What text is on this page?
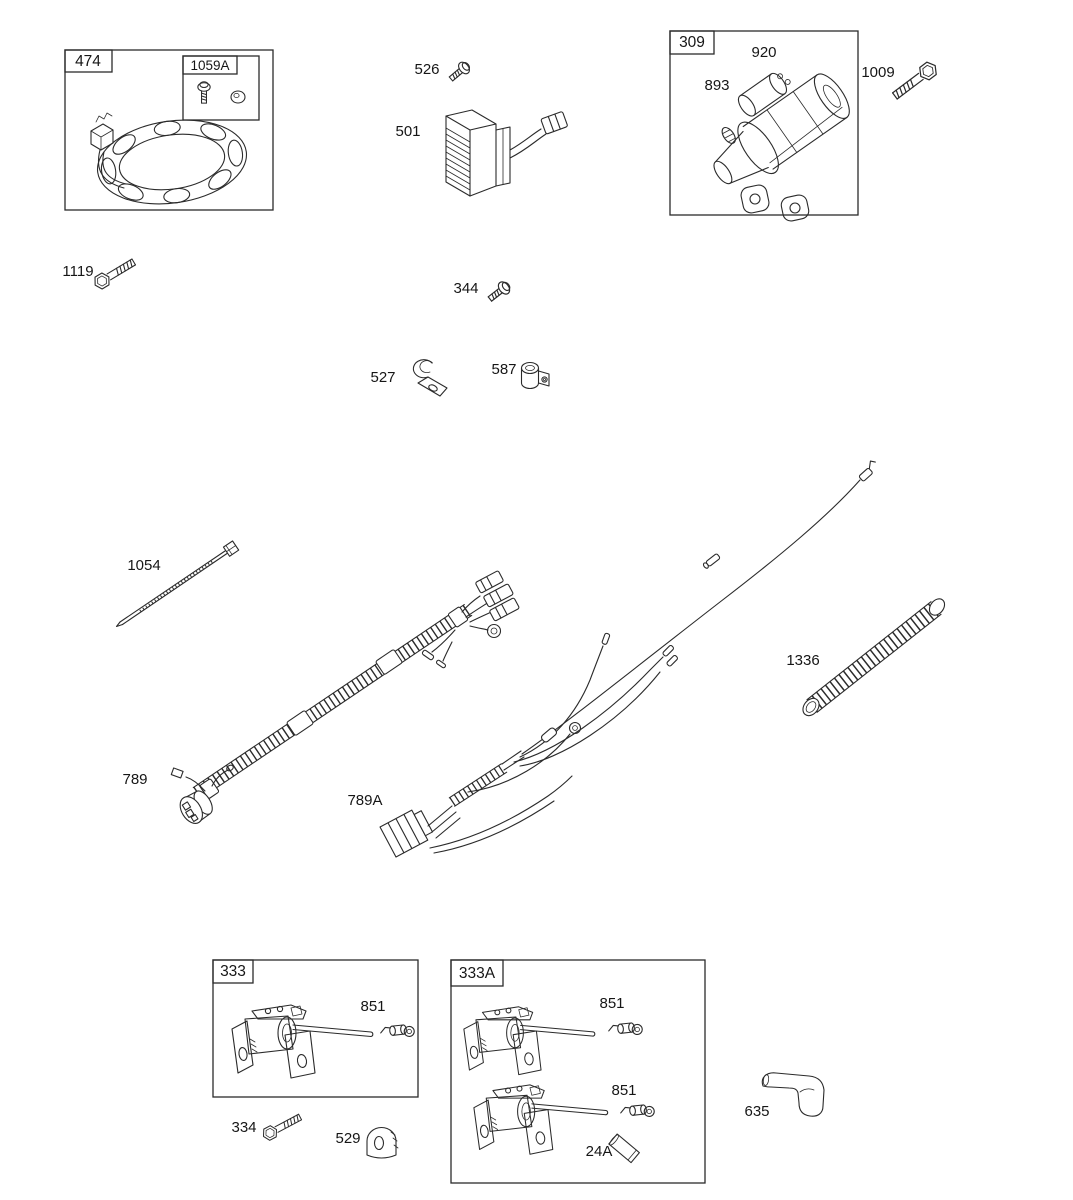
474	1059A	526
501
309
920
893
1009
1119
344
527	587
1054
789
789A
1336
333
851
333A
851
851
24A
334
529
635
